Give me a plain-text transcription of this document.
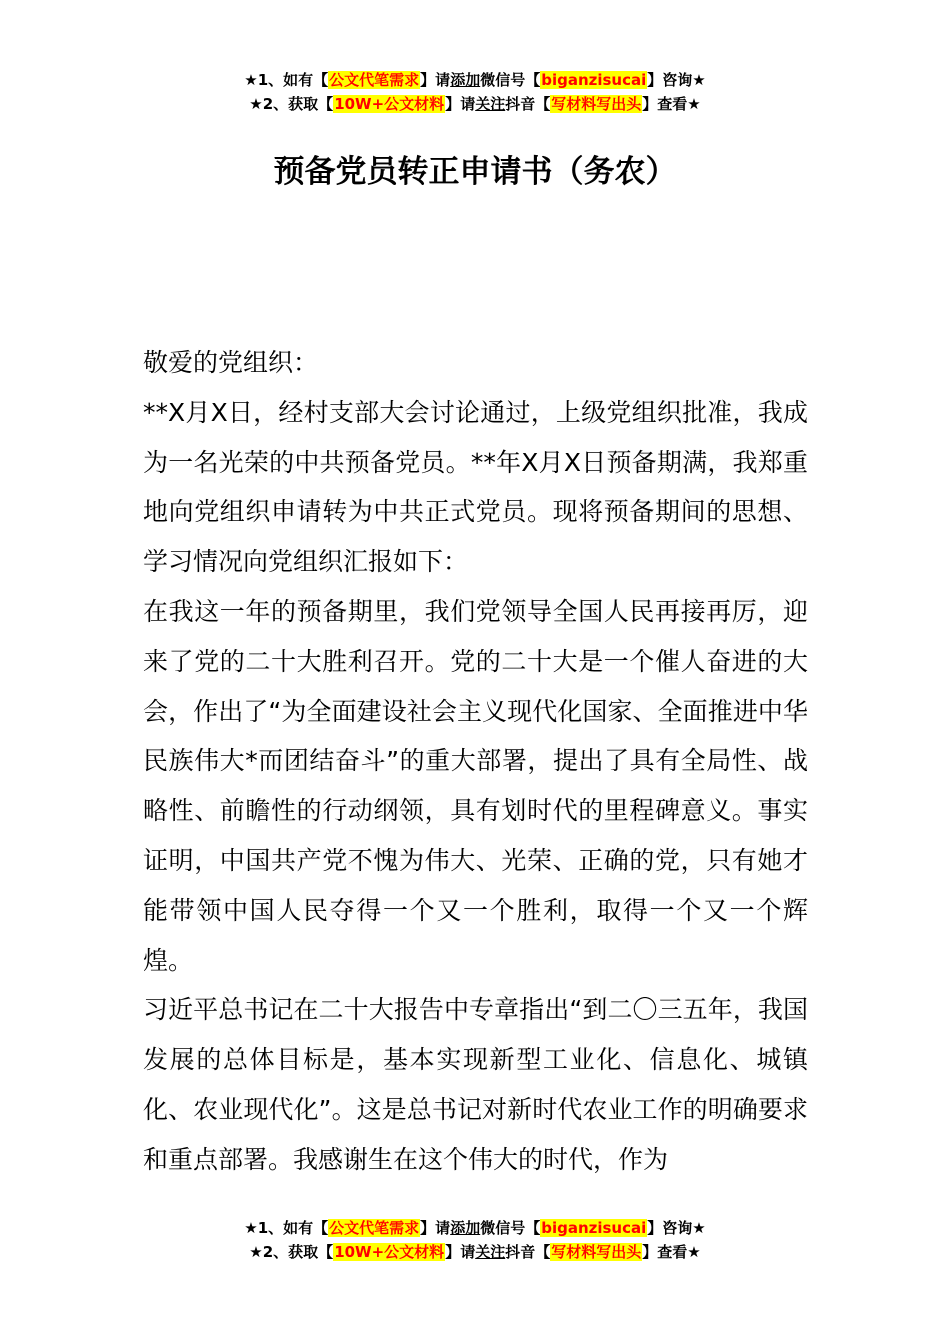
★1、如有【公文代笔需求】请添加微信号【biganzisucai】咨询★
★2、获取【10W+公文材料】请关注抖音【写材料写出头】查看★
预备党员转正申请书（务农）

敬爱的党组织：

**X月X日，经村支部大会讨论通过，上级党组织批准，我成为一名光荣的中共预备党员。**年X月X日预备期满，我郑重地向党组织申请转为中共正式党员。现将预备期间的思想、学习情况向党组织汇报如下：

在我这一年的预备期里，我们党领导全国人民再接再厉，迎来了党的二十大胜利召开。党的二十大是一个催人奋进的大会，作出了“为全面建设社会主义现代化国家、全面推进中华民族伟大*而团结奋斗”的重大部署，提出了具有全局性、战略性、前瞻性的行动纲领，具有划时代的里程碑意义。事实证明，中国共产党不愧为伟大、光荣、正确的党，只有她才能带领中国人民夺得一个又一个胜利，取得一个又一个辉煌。

习近平总书记在二十大报告中专章指出“到二〇三五年，我国发展的总体目标是，基本实现新型工业化、信息化、城镇化、农业现代化”。这是总书记对新时代农业工作的明确要求和重点部署。我感谢生在这个伟大的时代，作为

★1、如有【公文代笔需求】请添加微信号【biganzisucai】咨询★
★2、获取【10W+公文材料】请关注抖音【写材料写出头】查看★
